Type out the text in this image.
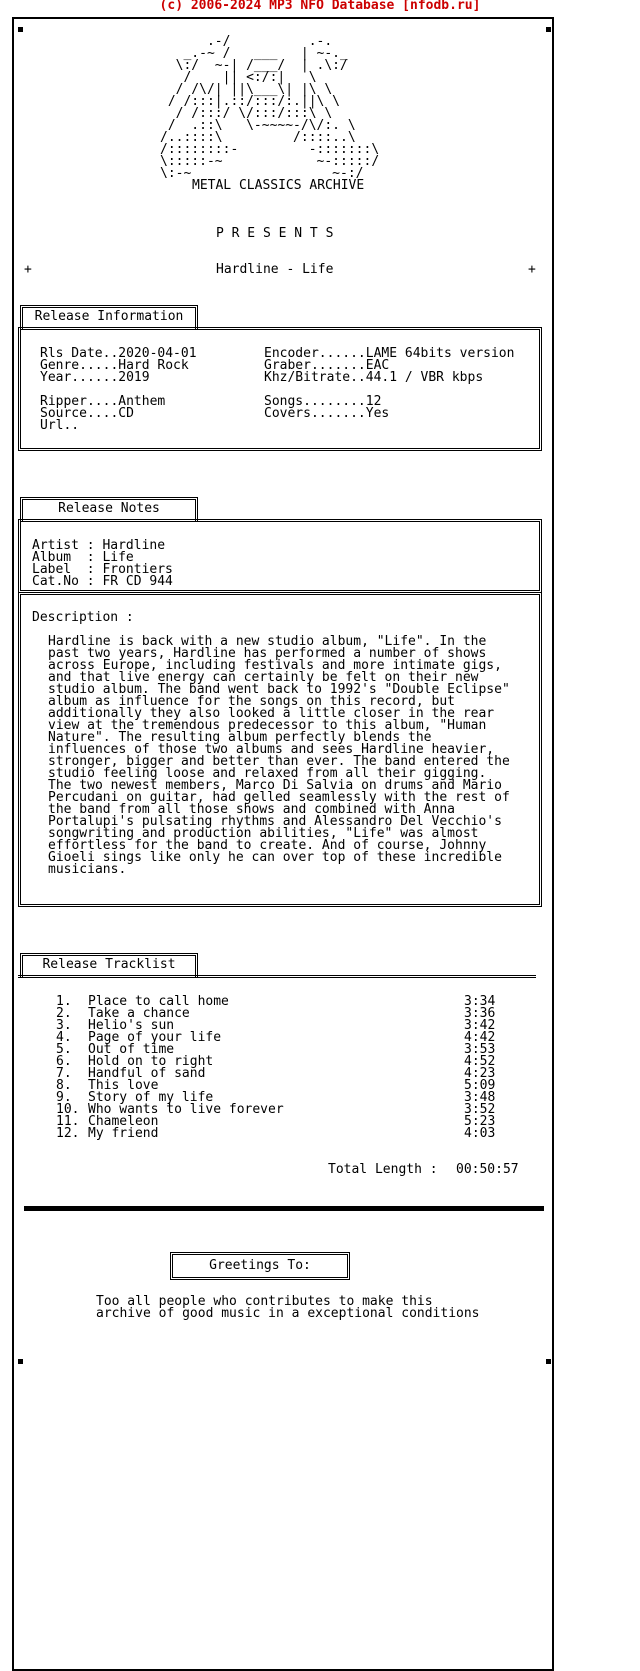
(c) 2006-2024 MP3 NFO Database [nfodb.ru]
.-/          .-.
_.-~ /   ___   | ~-._
\:/  ~-| /___/  | .\:/
/    || <:/:|   \
/ /\/| ||\___\| |\ \
/ /:::|.::/:::/:.||\ \
/ /:::/ \/:::/:::\ \
/  .::\   \-~~~~-/\/:. \
/..::::\         /::::..\
/::::::::-         -:::::::\
\:::::-~            ~-:::::/
\:-~                  ~-:/
METAL CLASSICS ARCHIVE
P R E S E N T S
+	Hardline - Life	+
Release Information
Rls Date..2020-04-01
Genre.....Hard Rock
Year......2019

Ripper....Anthem
Source....CD
Url..
Encoder......LAME 64bits version
Graber.......EAC
Khz/Bitrate..44.1 / VBR kbps

Songs........12
Covers.......Yes
Release Notes
Artist : Hardline
Album  : Life
Label  : Frontiers
Cat.No : FR CD 944
Description :
Hardline is back with a new studio album, "Life". In the
past two years, Hardline has performed a number of shows
across Europe, including festivals and more intimate gigs,
and that live energy can certainly be felt on their new
studio album. The band went back to 1992's "Double Eclipse"
album as influence for the songs on this record, but
additionally they also looked a little closer in the rear
view at the tremendous predecessor to this album, "Human
Nature". The resulting album perfectly blends the
influences of those two albums and sees Hardline heavier,
stronger, bigger and better than ever. The band entered the
studio feeling loose and relaxed from all their gigging.
The two newest members, Marco Di Salvia on drums and Mario
Percudani on guitar, had gelled seamlessly with the rest of
the band from all those shows and combined with Anna
Portalupi's pulsating rhythms and Alessandro Del Vecchio's
songwriting and production abilities, "Life" was almost
effortless for the band to create. And of course, Johnny
Gioeli sings like only he can over top of these incredible
musicians.
Release Tracklist
1.
2.
3.
4.
5.
6.
7.
8.
9.
10.
11.
12.
Place to call home
Take a chance
Helio's sun
Page of your life
Out of time
Hold on to right
Handful of sand
This love
Story of my life
Who wants to live forever
Chameleon
My friend
3:34
3:36
3:42
4:42
3:53
4:52
4:23
5:09
3:48
3:52
5:23
4:03
Total Length : 00:50:57
Greetings To:
Too all people who contributes to make this
archive of good music in a exceptional conditions
